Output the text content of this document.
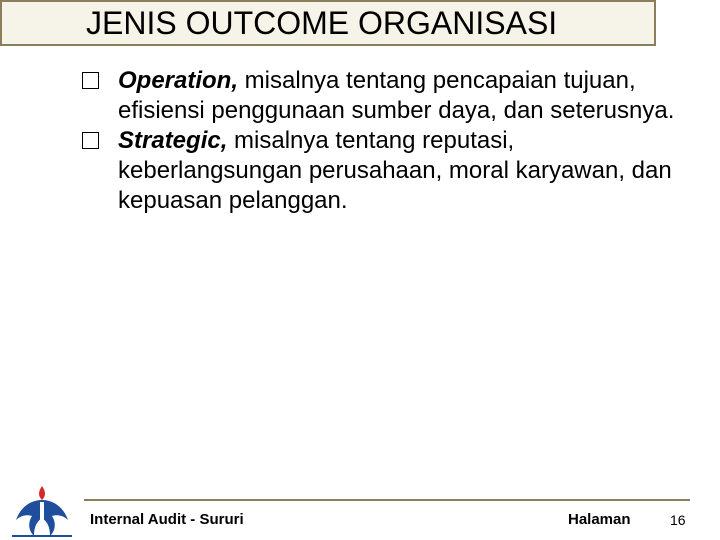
JENIS OUTCOME ORGANISASI
Operation, misalnya tentang pencapaian tujuan, efisiensi penggunaan sumber daya, dan seterusnya.
Strategic, misalnya tentang reputasi, keberlangsungan perusahaan, moral karyawan, dan kepuasan pelanggan.
Internal Audit - Sururi	Halaman	16
